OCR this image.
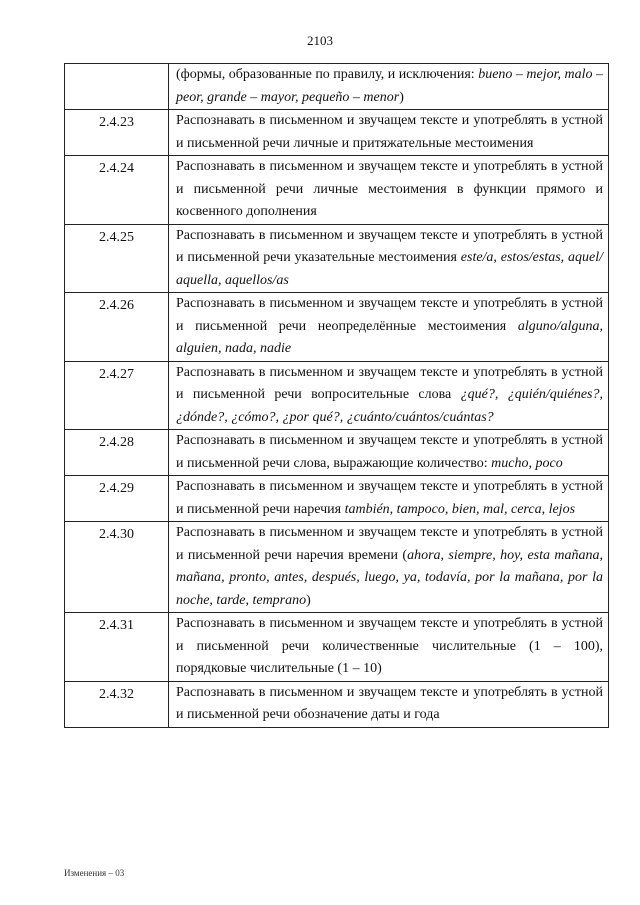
2103
	(формы, образованные по правилу, и исключения: bueno – mejor, malo – peor, grande – mayor, pequeño – menor)
2.4.23	Распознавать в письменном и звучащем тексте и употреблять в устной и письменной речи личные и притяжательные местоимения
2.4.24	Распознавать в письменном и звучащем тексте и употреблять в устной и письменной речи личные местоимения в функции прямого и косвенного дополнения
2.4.25	Распознавать в письменном и звучащем тексте и употреблять в устной и письменной речи указательные местоимения este/a, estos/estas, aquel/ aquella, aquellos/as
2.4.26	Распознавать в письменном и звучащем тексте и употреблять в устной и письменной речи неопределённые местоимения alguno/alguna, alguien, nada, nadie
2.4.27	Распознавать в письменном и звучащем тексте и употреблять в устной и письменной речи вопросительные слова ¿qué?, ¿quién/quiénes?, ¿dónde?, ¿cómo?, ¿por qué?, ¿cuánto/cuántos/cuántas?
2.4.28	Распознавать в письменном и звучащем тексте и употреблять в устной и письменной речи слова, выражающие количество: mucho, poco
2.4.29	Распознавать в письменном и звучащем тексте и употреблять в устной и письменной речи наречия también, tampoco, bien, mal, cerca, lejos
2.4.30	Распознавать в письменном и звучащем тексте и употреблять в устной и письменной речи наречия времени (ahora, siempre, hoy, esta mañana, mañana, pronto, antes, después, luego, ya, todavía, por la mañana, por la noche, tarde, temprano)
2.4.31	Распознавать в письменном и звучащем тексте и употреблять в устной и письменной речи количественные числительные (1 – 100), порядковые числительные (1 – 10)
2.4.32	Распознавать в письменном и звучащем тексте и употреблять в устной и письменной речи обозначение даты и года
Изменения – 03
